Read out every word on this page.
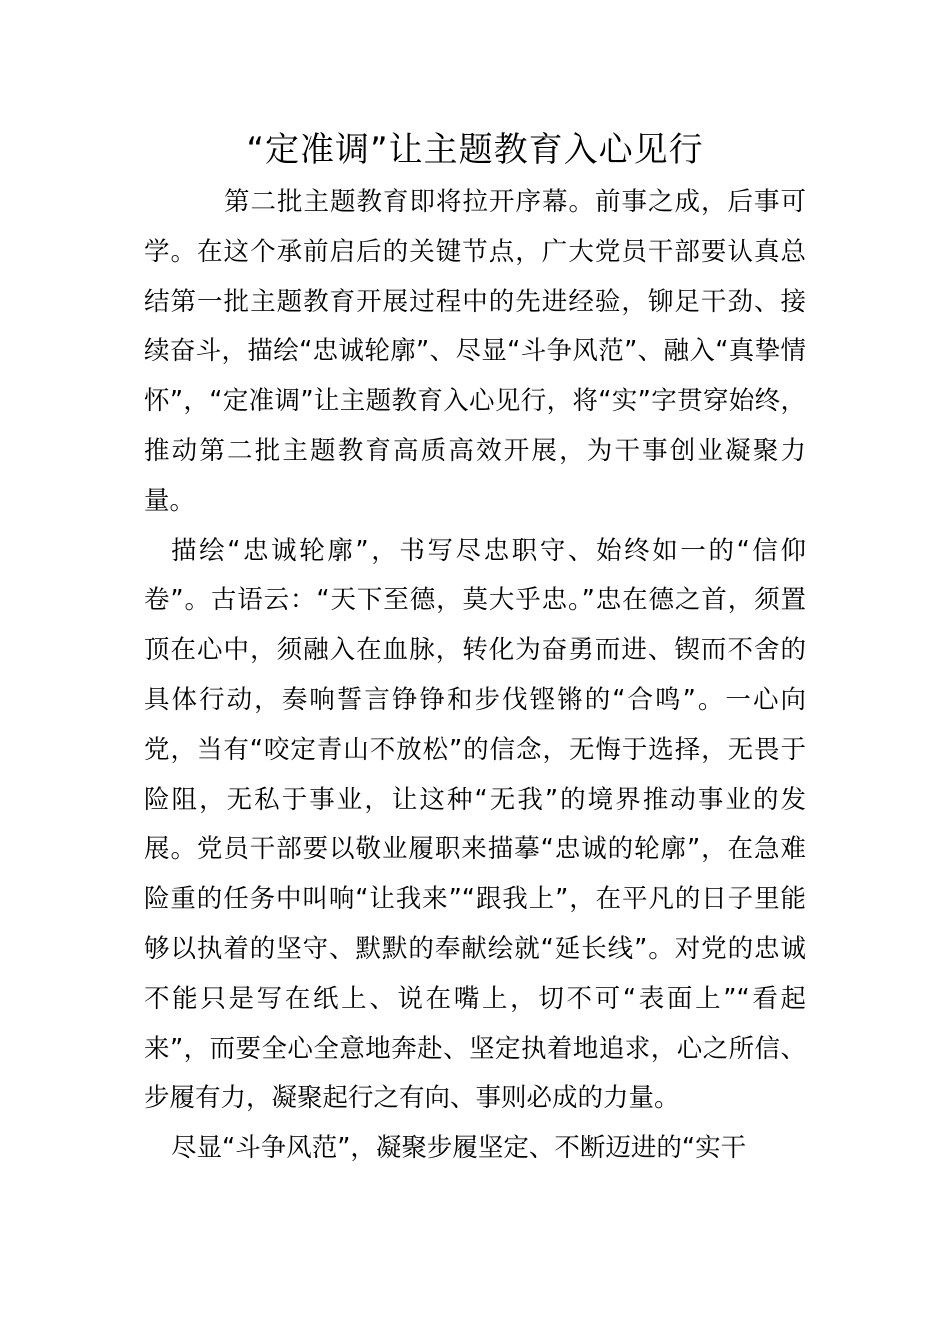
“定准调”让主题教育入心见行

第二批主题教育即将拉开序幕。前事之成，后事可学。在这个承前启后的关键节点，广大党员干部要认真总结第一批主题教育开展过程中的先进经验，铆足干劲、接续奋斗，描绘“忠诚轮廓”、尽显“斗争风范”、融入“真挚情怀”，“定准调”让主题教育入心见行，将“实”字贯穿始终，推动第二批主题教育高质高效开展，为干事创业凝聚力量。

描绘“忠诚轮廓”，书写尽忠职守、始终如一的“信仰卷”。古语云：“天下至德，莫大乎忠。”忠在德之首，须置顶在心中，须融入在血脉，转化为奋勇而进、锲而不舍的具体行动，奏响誓言铮铮和步伐铿锵的“合鸣”。一心向党，当有“咬定青山不放松”的信念，无悔于选择，无畏于险阻，无私于事业，让这种“无我”的境界推动事业的发展。党员干部要以敬业履职来描摹“忠诚的轮廓”，在急难险重的任务中叫响“让我来”“跟我上”，在平凡的日子里能够以执着的坚守、默默的奉献绘就“延长线”。对党的忠诚不能只是写在纸上、说在嘴上，切不可“表面上”“看起来”，而要全心全意地奔赴、坚定执着地追求，心之所信、步履有力，凝聚起行之有向、事则必成的力量。

尽显“斗争风范”，凝聚步履坚定、不断迈进的“实干
